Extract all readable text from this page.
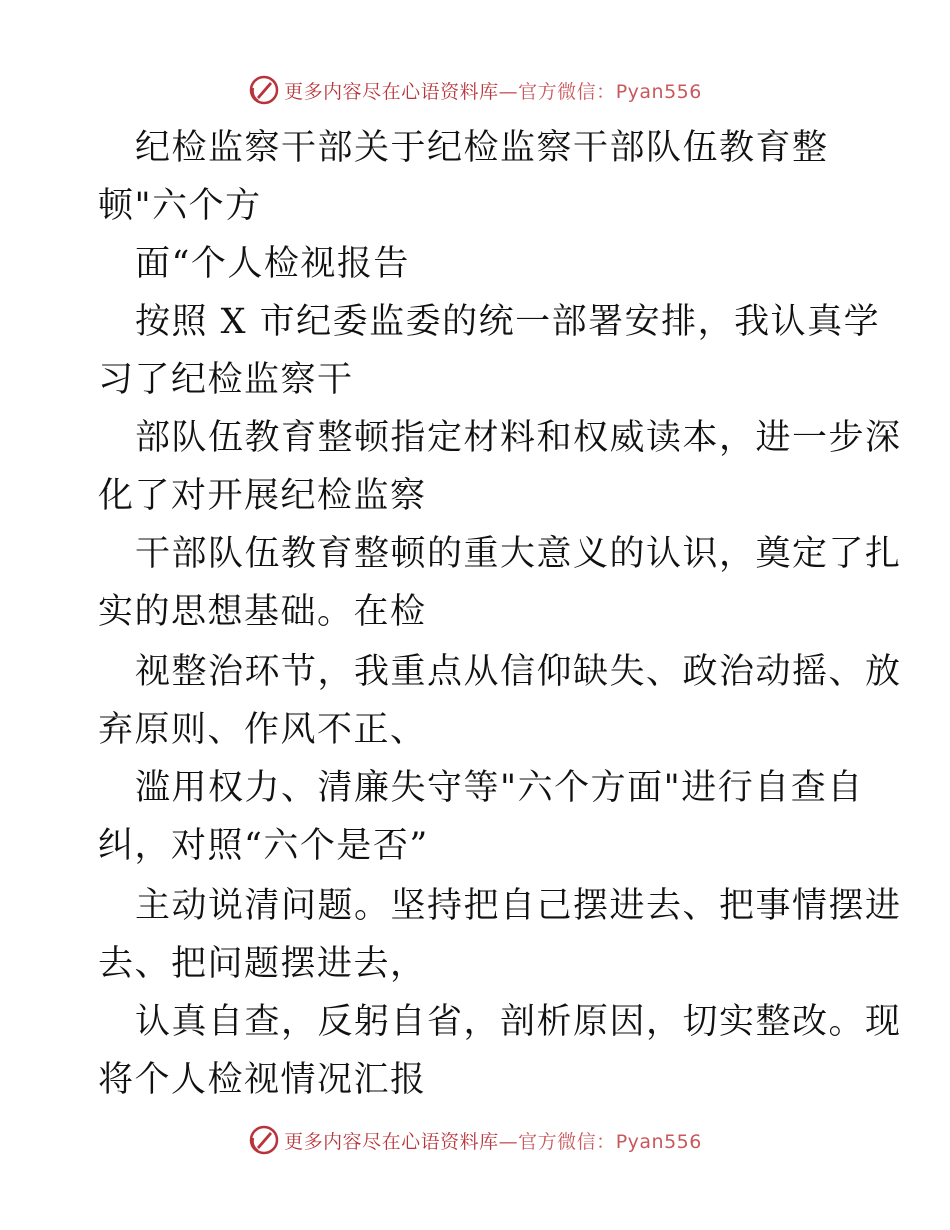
更多内容尽在心语资料库—官方微信：Pyan556
纪检监察干部关于纪检监察干部队伍教育整
顿"六个方
面“个人检视报告
按照 X 市纪委监委的统一部署安排，我认真学
习了纪检监察干
部队伍教育整顿指定材料和权威读本，进一步深
化了对开展纪检监察
干部队伍教育整顿的重大意义的认识，奠定了扎
实的思想基础。在检
视整治环节，我重点从信仰缺失、政治动摇、放
弃原则、作风不正、
滥用权力、清廉失守等"六个方面"进行自查自
纠，对照“六个是否”
主动说清问题。坚持把自己摆进去、把事情摆进
去、把问题摆进去，
认真自查，反躬自省，剖析原因，切实整改。现
将个人检视情况汇报
更多内容尽在心语资料库—官方微信：Pyan556
